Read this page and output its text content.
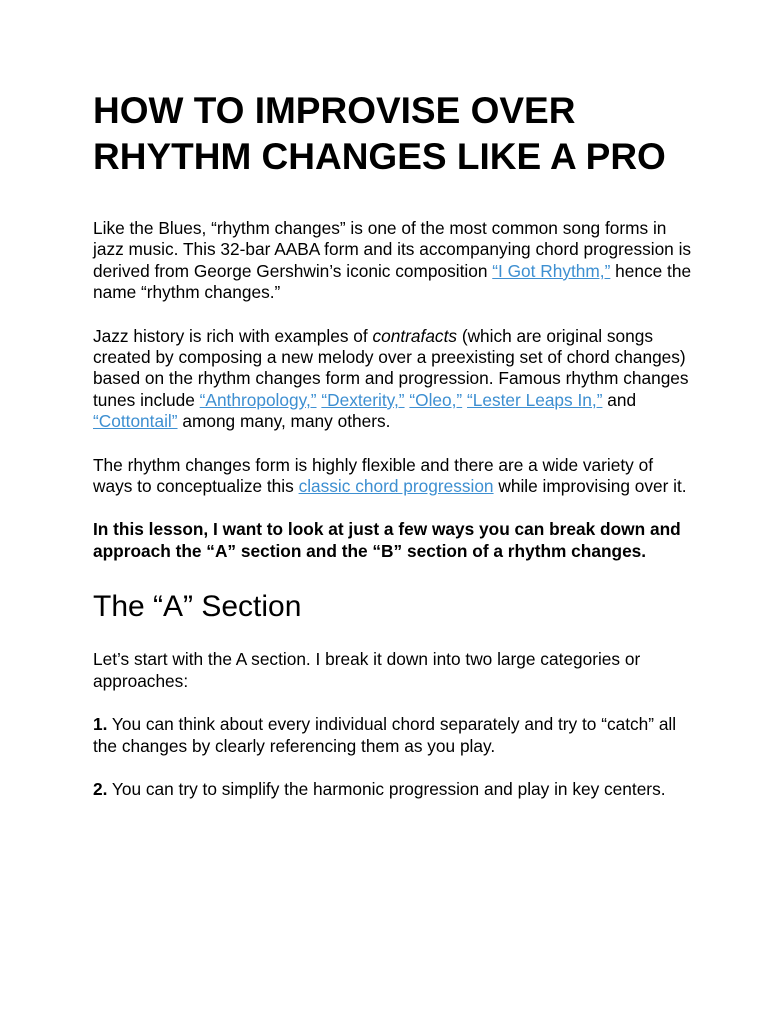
HOW TO IMPROVISE OVER RHYTHM CHANGES LIKE A PRO

Like the Blues, “rhythm changes” is one of the most common song forms in jazz music. This 32-bar AABA form and its accompanying chord progression is derived from George Gershwin’s iconic composition “I Got Rhythm,” hence the name “rhythm changes.”

Jazz history is rich with examples of contrafacts (which are original songs created by composing a new melody over a preexisting set of chord changes) based on the rhythm changes form and progression. Famous rhythm changes tunes include “Anthropology,” “Dexterity,” “Oleo,” “Lester Leaps In,” and “Cottontail” among many, many others.

The rhythm changes form is highly flexible and there are a wide variety of ways to conceptualize this classic chord progression while improvising over it.

In this lesson, I want to look at just a few ways you can break down and approach the “A” section and the “B” section of a rhythm changes.

The “A” Section

Let’s start with the A section. I break it down into two large categories or approaches:

1. You can think about every individual chord separately and try to “catch” all the changes by clearly referencing them as you play.

2. You can try to simplify the harmonic progression and play in key centers.
